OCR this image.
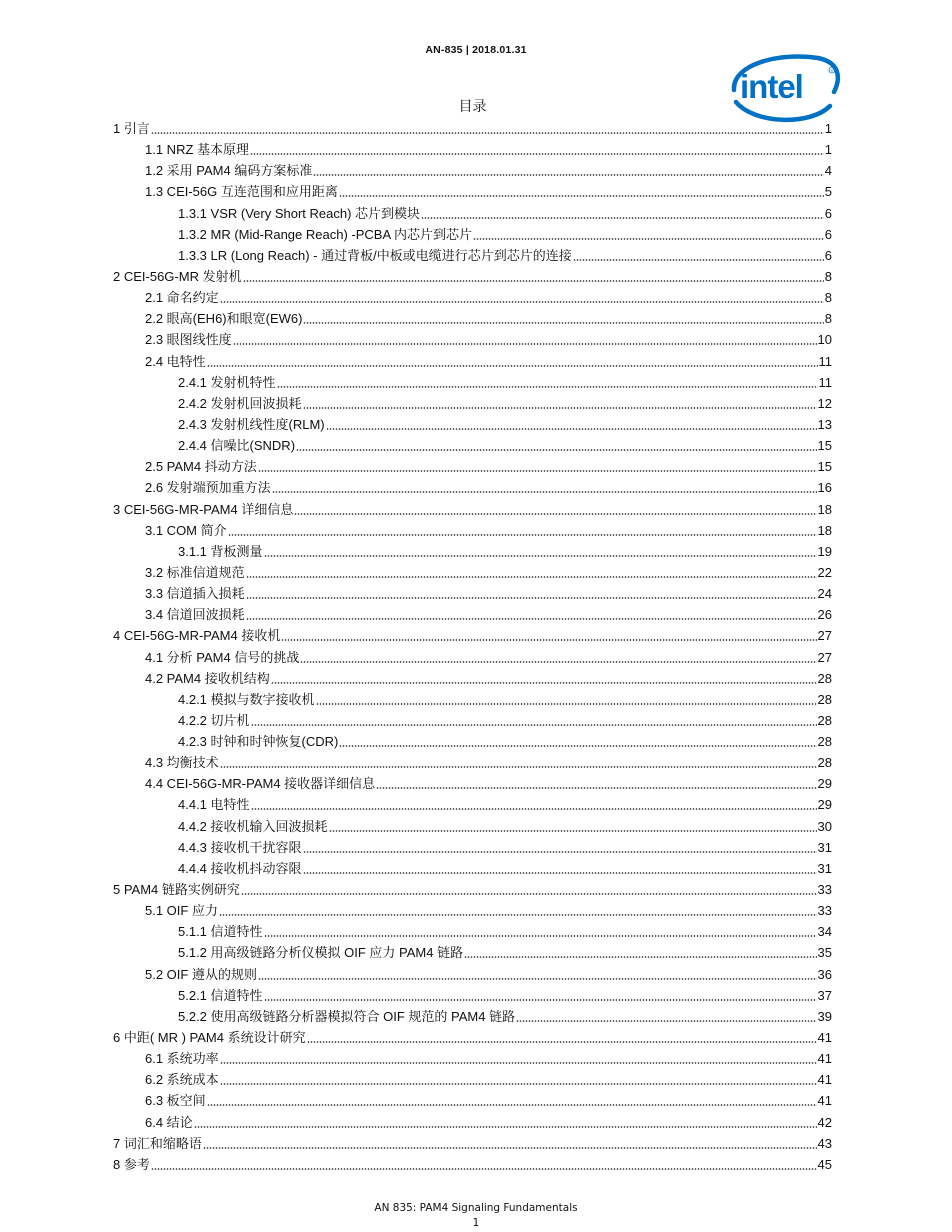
AN-835 | 2018.01.31
intel	R
目录
1 引言	1
1.1 NRZ 基本原理	1
1.2 采用 PAM4 编码方案标准	4
1.3 CEI-56G 互连范围和应用距离	5
1.3.1 VSR (Very Short Reach) 芯片到模块	6
1.3.2 MR (Mid-Range Reach) -PCBA 内芯片到芯片	6
1.3.3 LR (Long Reach) - 通过背板/中板或电缆进行芯片到芯片的连接	6
2 CEI-56G-MR 发射机	8
2.1 命名约定	8
2.2 眼高(EH6)和眼宽(EW6)	8
2.3 眼图线性度	10
2.4 电特性	11
2.4.1 发射机特性	11
2.4.2 发射机回波损耗	12
2.4.3 发射机线性度(RLM)	13
2.4.4 信噪比(SNDR)	15
2.5 PAM4 抖动方法	15
2.6 发射端预加重方法	16
3 CEI-56G-MR-PAM4 详细信息	18
3.1 COM 简介	18
3.1.1 背板测量	19
3.2 标准信道规范	22
3.3 信道插入损耗	24
3.4 信道回波损耗	26
4 CEI-56G-MR-PAM4 接收机	27
4.1 分析 PAM4 信号的挑战	27
4.2 PAM4 接收机结构	28
4.2.1 模拟与数字接收机	28
4.2.2 切片机	28
4.2.3 时钟和时钟恢复(CDR)	28
4.3 均衡技术	28
4.4 CEI-56G-MR-PAM4 接收器详细信息	29
4.4.1 电特性	29
4.4.2 接收机输入回波损耗	30
4.4.3 接收机干扰容限	31
4.4.4 接收机抖动容限	31
5 PAM4 链路实例研究	33
5.1 OIF 应力	33
5.1.1 信道特性	34
5.1.2 用高级链路分析仪模拟 OIF 应力 PAM4 链路	35
5.2 OIF 遵从的规则	36
5.2.1 信道特性	37
5.2.2 使用高级链路分析器模拟符合 OIF 规范的 PAM4 链路	39
6 中距( MR ) PAM4 系统设计研究	41
6.1 系统功率	41
6.2 系统成本	41
6.3 板空间	41
6.4 结论	42
7 词汇和缩略语	43
8 参考	45
AN 835: PAM4 Signaling Fundamentals
1
